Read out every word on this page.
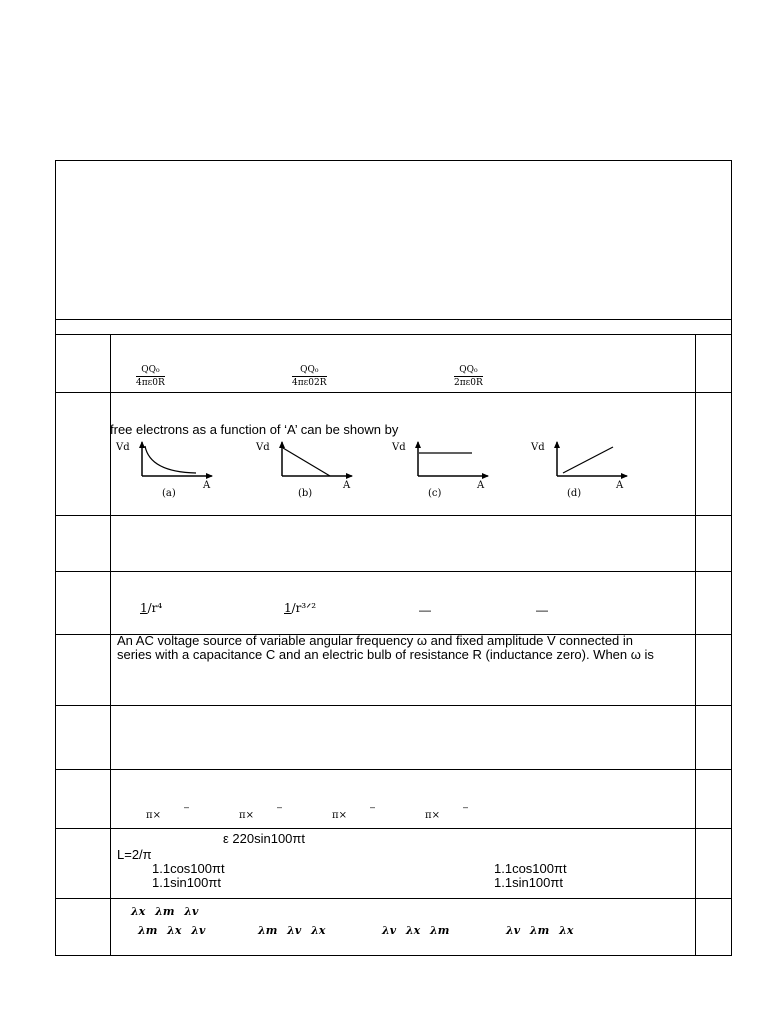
$\frac{\text{QQ₀}}{4\pi\varepsilon 0R}$	$\frac{\text{QQ₀}}{4\pi\varepsilon 02R}$	$\frac{\text{QQ₀}}{2\pi\varepsilon 0R}$
free electrons as a function of ‘A’ can be shown by
Vd
A
(a)
Vd
A
(b)
Vd
A
(c)
Vd
A
(d)
1/r⁴	1/r³ᐟ²	—	—
An AC voltage source of variable angular frequency ω and fixed amplitude V connected in
series with a capacitance C and an electric bulb of resistance R (inductance zero). When ω is
π×
–
π×
–
π×
–
π×
–
ε 220sin100πt
L=2/π
1.1cos100πt	1.1cos100πt
1.1sin100πt	1.1sin100πt
λx λm λv
λm λx λv	λm λv λx	λv λx λm	λv λm λx
